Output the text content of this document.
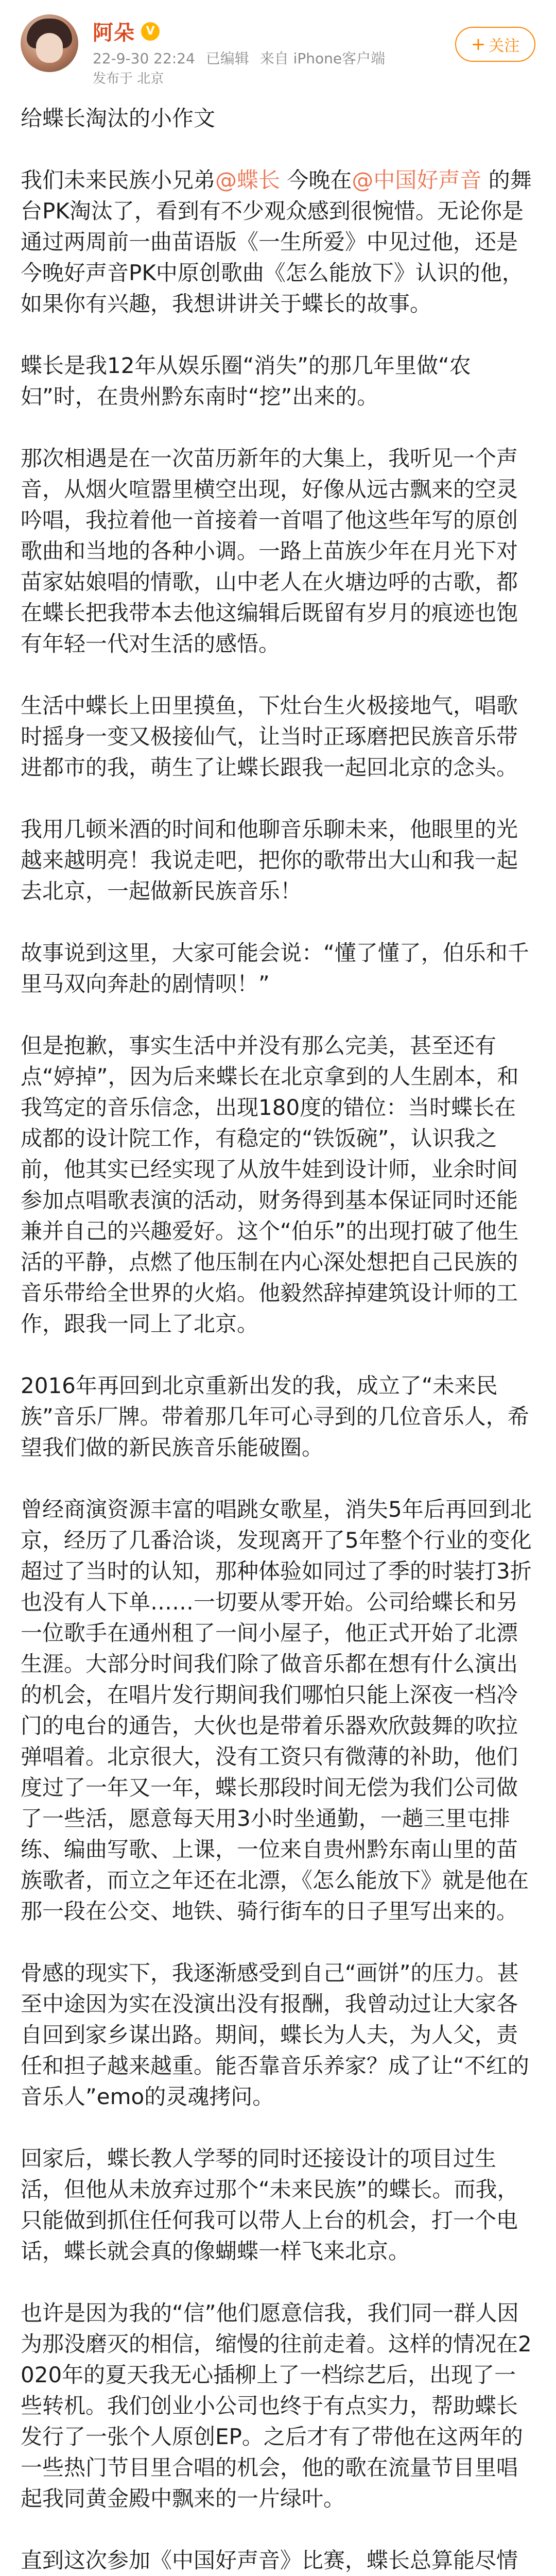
阿朵 V
22-9-30 22:24 已编辑 来自 iPhone客户端
发布于 北京
+ 关注

给蝶长淘汰的小作文

我们未来民族小兄弟@蝶长 今晚在@中国好声音 的舞台PK淘汰了，看到有不少观众感到很惋惜。无论你是通过两周前一曲苗语版《一生所爱》中见过他，还是今晚好声音PK中原创歌曲《怎么能放下》认识的他，如果你有兴趣，我想讲讲关于蝶长的故事。

蝶长是我12年从娱乐圈“消失”的那几年里做“农妇”时，在贵州黔东南时“挖”出来的。

那次相遇是在一次苗历新年的大集上，我听见一个声音，从烟火喧嚣里横空出现，好像从远古飘来的空灵吟唱，我拉着他一首接着一首唱了他这些年写的原创歌曲和当地的各种小调。一路上苗族少年在月光下对苗家姑娘唱的情歌，山中老人在火塘边呼的古歌，都在蝶长把我带本去他这编辑后既留有岁月的痕迹也饱有年轻一代对生活的感悟。

生活中蝶长上田里摸鱼，下灶台生火极接地气，唱歌时摇身一变又极接仙气，让当时正琢磨把民族音乐带进都市的我，萌生了让蝶长跟我一起回北京的念头。

我用几顿米酒的时间和他聊音乐聊未来，他眼里的光越来越明亮！我说走吧，把你的歌带出大山和我一起去北京，一起做新民族音乐！

故事说到这里，大家可能会说：“懂了懂了，伯乐和千里马双向奔赴的剧情呗！”

但是抱歉，事实生活中并没有那么完美，甚至还有点“婷掉”，因为后来蝶长在北京拿到的人生剧本，和我笃定的音乐信念，出现180度的错位：当时蝶长在成都的设计院工作，有稳定的“铁饭碗”，认识我之前，他其实已经实现了从放牛娃到设计师，业余时间参加点唱歌表演的活动，财务得到基本保证同时还能兼并自己的兴趣爱好。这个“伯乐”的出现打破了他生活的平静，点燃了他压制在内心深处想把自己民族的音乐带给全世界的火焰。他毅然辞掉建筑设计师的工作，跟我一同上了北京。

2016年再回到北京重新出发的我，成立了“未来民族”音乐厂牌。带着那几年可心寻到的几位音乐人，希望我们做的新民族音乐能破圈。

曾经商演资源丰富的唱跳女歌星，消失5年后再回到北京，经历了几番洽谈，发现离开了5年整个行业的变化超过了当时的认知，那种体验如同过了季的时装打3折也没有人下单……一切要从零开始。公司给蝶长和另一位歌手在通州租了一间小屋子，他正式开始了北漂生涯。大部分时间我们除了做音乐都在想有什么演出的机会，在唱片发行期间我们哪怕只能上深夜一档冷门的电台的通告，大伙也是带着乐器欢欣鼓舞的吹拉弹唱着。北京很大，没有工资只有微薄的补助，他们度过了一年又一年，蝶长那段时间无偿为我们公司做了一些活，愿意每天用3小时坐通勤，一趟三里屯排练、编曲写歌、上课，一位来自贵州黔东南山里的苗族歌者，而立之年还在北漂，《怎么能放下》就是他在那一段在公交、地铁、骑行街车的日子里写出来的。

骨感的现实下，我逐渐感受到自己“画饼”的压力。甚至中途因为实在没演出没有报酬，我曾动过让大家各自回到家乡谋出路。期间，蝶长为人夫，为人父，责任和担子越来越重。能否靠音乐养家？成了让“不红的音乐人”emo的灵魂拷问。

回家后，蝶长教人学琴的同时还接设计的项目过生活，但他从未放弃过那个“未来民族”的蝶长。而我，只能做到抓住任何我可以带人上台的机会，打一个电话，蝶长就会真的像蝴蝶一样飞来北京。

也许是因为我的“信”他们愿意信我，我们同一群人因为那没磨灭的相信，缩慢的往前走着。这样的情况在2020年的夏天我无心插柳上了一档综艺后，出现了一些转机。我们创业小公司也终于有点实力，帮助蝶长发行了一张个人原创EP。之后才有了带他在这两年的一些热门节目里合唱的机会，他的歌在流量节目里唱起我同黄金殿中飘来的一片绿叶。

直到这次参加《中国好声音》比赛，蝶长总算能尽情
